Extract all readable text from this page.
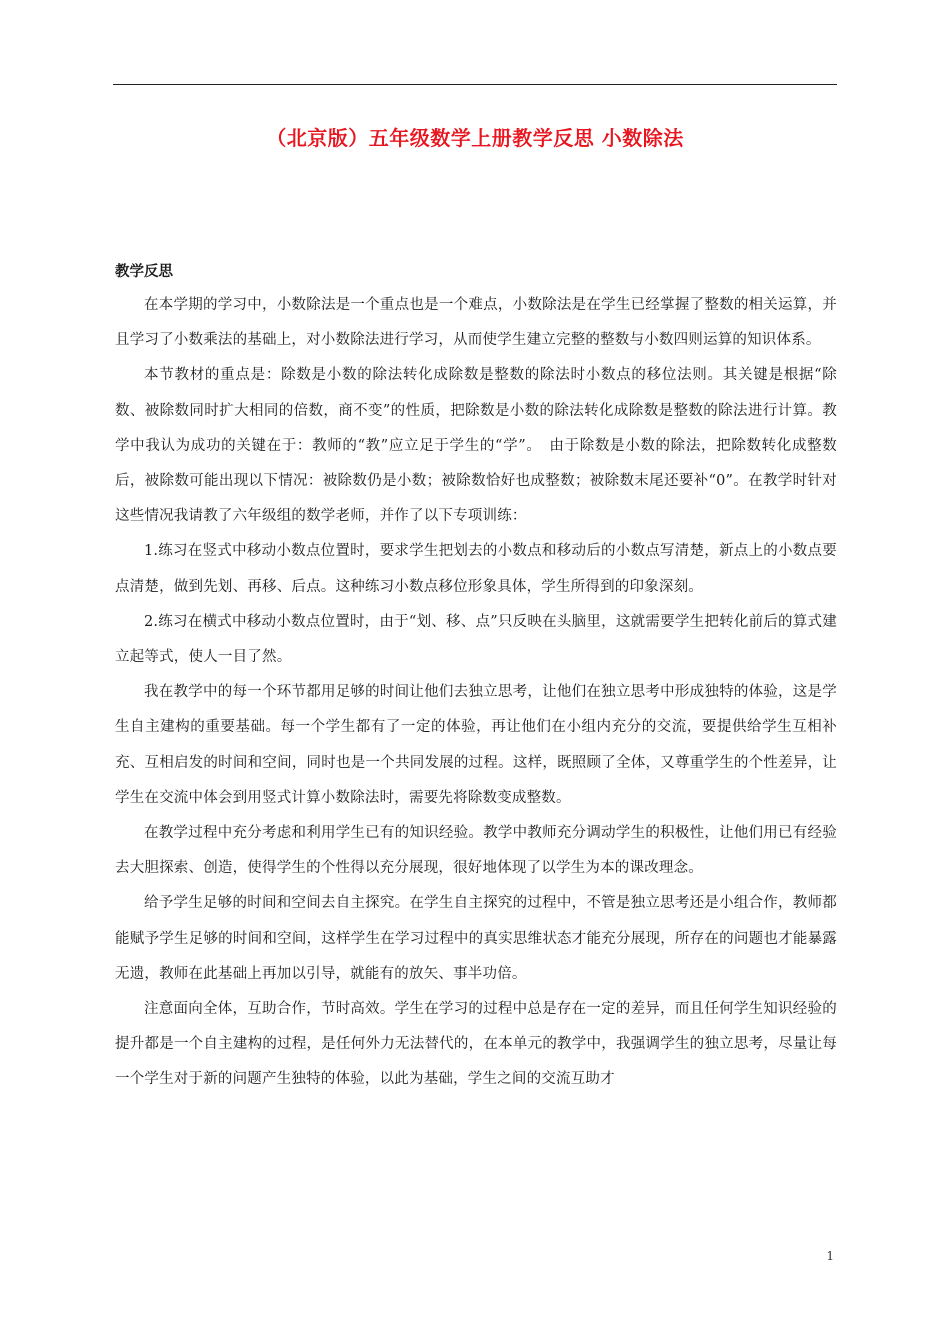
（北京版）五年级数学上册教学反思 小数除法
教学反思

在本学期的学习中，小数除法是一个重点也是一个难点，小数除法是在学生已经掌握了整数的相关运算，并且学习了小数乘法的基础上，对小数除法进行学习，从而使学生建立完整的整数与小数四则运算的知识体系。

本节教材的重点是：除数是小数的除法转化成除数是整数的除法时小数点的移位法则。其关键是根据“除数、被除数同时扩大相同的倍数，商不变”的性质，把除数是小数的除法转化成除数是整数的除法进行计算。教学中我认为成功的关键在于：教师的“教”应立足于学生的“学”。　由于除数是小数的除法，把除数转化成整数后，被除数可能出现以下情况：被除数仍是小数；被除数恰好也成整数；被除数末尾还要补“0”。在教学时针对这些情况我请教了六年级组的数学老师，并作了以下专项训练：

1.练习在竖式中移动小数点位置时，要求学生把划去的小数点和移动后的小数点写清楚，新点上的小数点要点清楚，做到先划、再移、后点。这种练习小数点移位形象具体，学生所得到的印象深刻。

2.练习在横式中移动小数点位置时，由于“划、移、点”只反映在头脑里，这就需要学生把转化前后的算式建立起等式，使人一目了然。

我在教学中的每一个环节都用足够的时间让他们去独立思考，让他们在独立思考中形成独特的体验，这是学生自主建构的重要基础。每一个学生都有了一定的体验，再让他们在小组内充分的交流，要提供给学生互相补充、互相启发的时间和空间，同时也是一个共同发展的过程。这样，既照顾了全体，又尊重学生的个性差异，让学生在交流中体会到用竖式计算小数除法时，需要先将除数变成整数。

在教学过程中充分考虑和利用学生已有的知识经验。教学中教师充分调动学生的积极性，让他们用已有经验去大胆探索、创造，使得学生的个性得以充分展现，很好地体现了以学生为本的课改理念。

给予学生足够的时间和空间去自主探究。在学生自主探究的过程中，不管是独立思考还是小组合作，教师都能赋予学生足够的时间和空间，这样学生在学习过程中的真实思维状态才能充分展现，所存在的问题也才能暴露无遗，教师在此基础上再加以引导，就能有的放矢、事半功倍。

注意面向全体，互助合作，节时高效。学生在学习的过程中总是存在一定的差异，而且任何学生知识经验的提升都是一个自主建构的过程，是任何外力无法替代的，在本单元的教学中，我强调学生的独立思考，尽量让每一个学生对于新的问题产生独特的体验，以此为基础，学生之间的交流互助才

1
